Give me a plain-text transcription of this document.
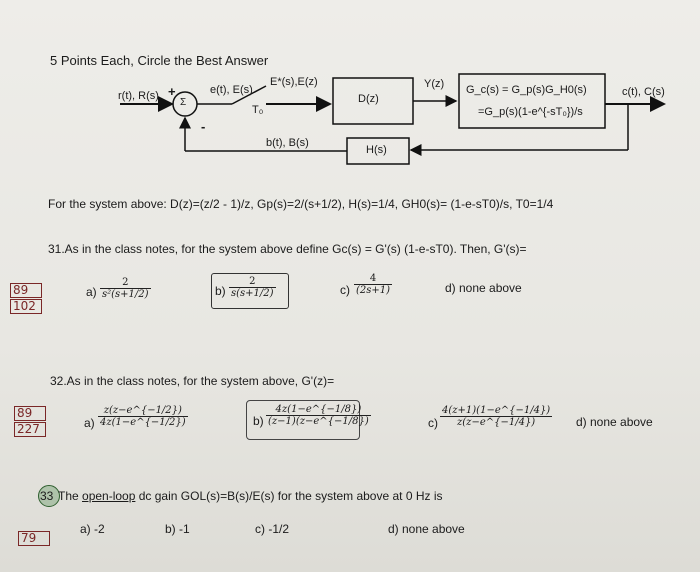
5 Points Each, Circle the Best Answer
r(t), R(s) +
Σ
-
e(t), E(s)
E*(s),E(z)
T₀
D(z)
Y(z) G_c(s) = G_p(s)G_H0(s)
=G_p(s)(1-e^{-sT₀})/s
c(t), C(s)
b(t), B(s)
H(s)
For the system above: D(z)=(z/2 - 1)/z, Gp(s)=2/(s+1/2), H(s)=1/4, GH0(s)= (1-e-sT0)/s, T0=1/4
31.As in the class notes, for the system above define Gc(s) = G'(s) (1-e-sT0). Then, G'(s)=
89
102
$a) \frac{2}{\text{s²(s+1/2)}}$	$b) \frac{2}{s(s+1/2)}$	$c) \frac{4}{(2s+1)}$	d) none above
32.As in the class notes, for the system above, G'(z)=
89
227	$a) \frac{z(z-e\^{}\{-1/2\})}{4z(1-e\^{}\{-1/2\})}$	$b) \frac{4z(1-e\^{}\{-1/8\})}{(z-1)(z-e\^{}\{-1/8\})}$	$c) \frac{4(z+1)(1-e\^{}\{-1/4\})}{z(z-e\^{}\{-1/4\})} d$) none above
33 The open-loop dc gain GOL(s)=B(s)/E(s) for the system above at 0 Hz is
a) -2	b) -1	c) -1/2	d) none above
79
